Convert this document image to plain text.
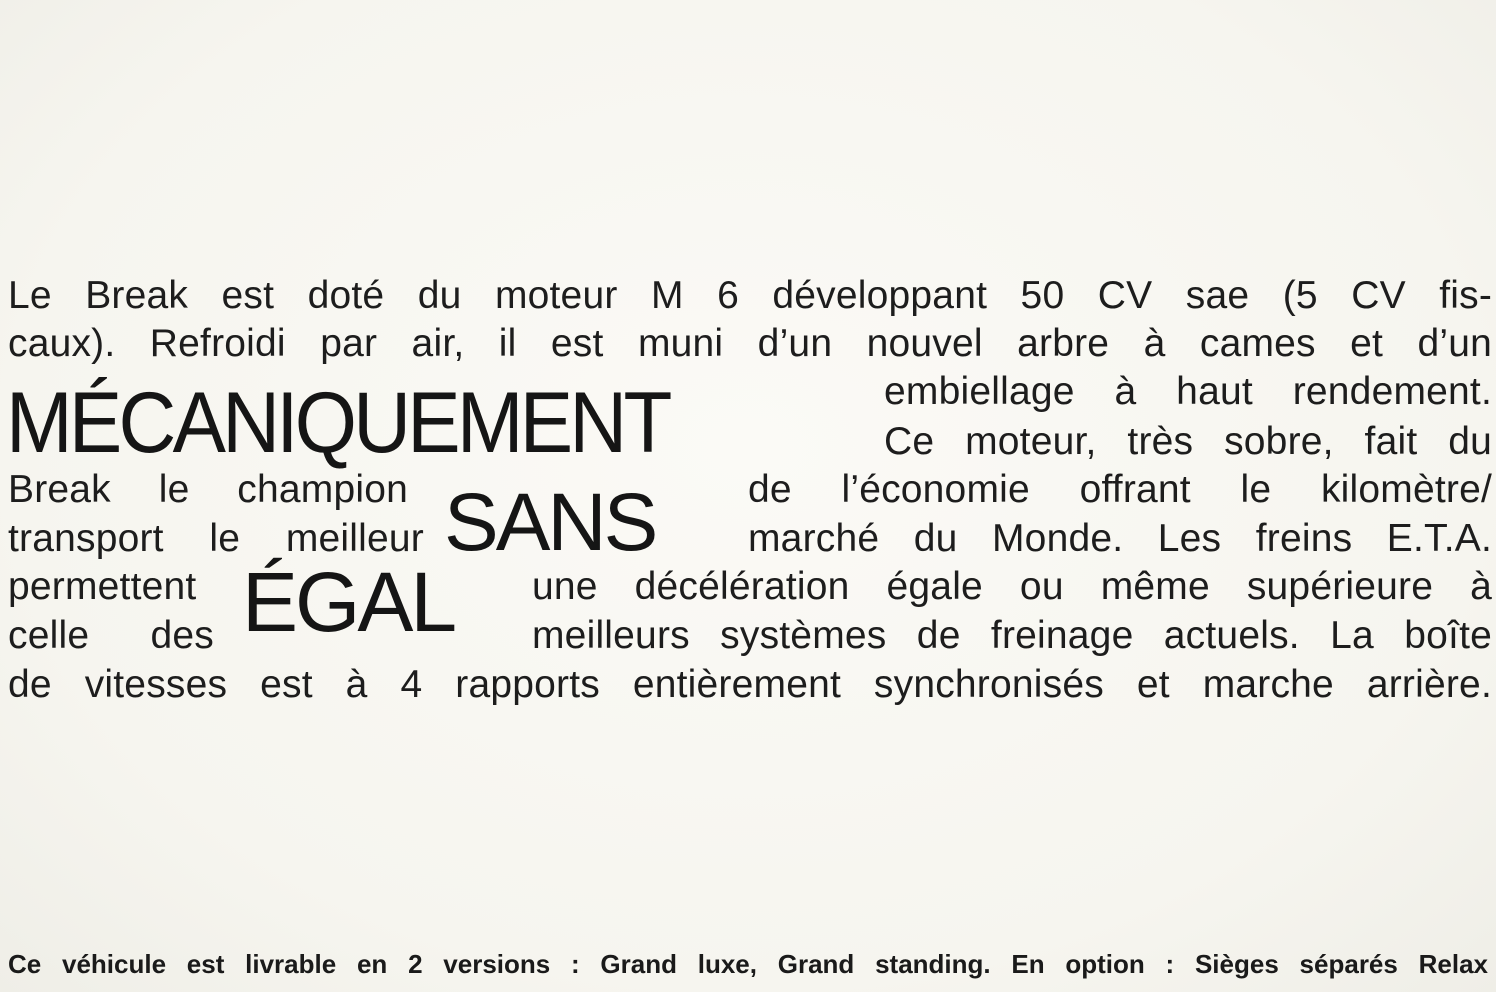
Le Break est doté du moteur M 6 développant 50 CV sae (5 CV fis-
caux). Refroidi par air, il est muni d’un nouvel arbre à cames et d’un
MÉCANIQUEMENT	embiellage à haut rendement.
Ce moteur, très sobre, fait du
Break le champion SANS de l’économie offrant le kilomètre/
transport le meilleur	marché du Monde. Les freins E.T.A.
permettent ÉGAL une décélération égale ou même supérieure à
celle des	meilleurs systèmes de freinage actuels. La boîte
de vitesses est à 4 rapports entièrement synchronisés et marche arrière.
Ce véhicule est livrable en 2 versions : Grand luxe, Grand standing. En option : Sièges séparés Relax
